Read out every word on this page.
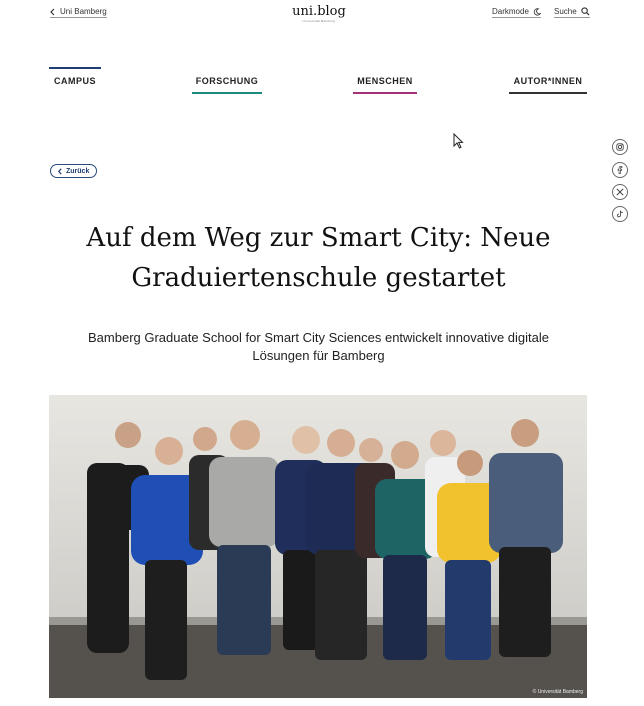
Uni Bamberg	uni.blog
Universität Bamberg
Darkmode	Suche
CAMPUS	FORSCHUNG	MENSCHEN	AUTOR*INNEN
Zurück
Auf dem Weg zur Smart City: Neue Graduiertenschule gestartet

Bamberg Graduate School for Smart City Sciences entwickelt innovative digitale Lösungen für Bamberg

© Universität Bamberg
